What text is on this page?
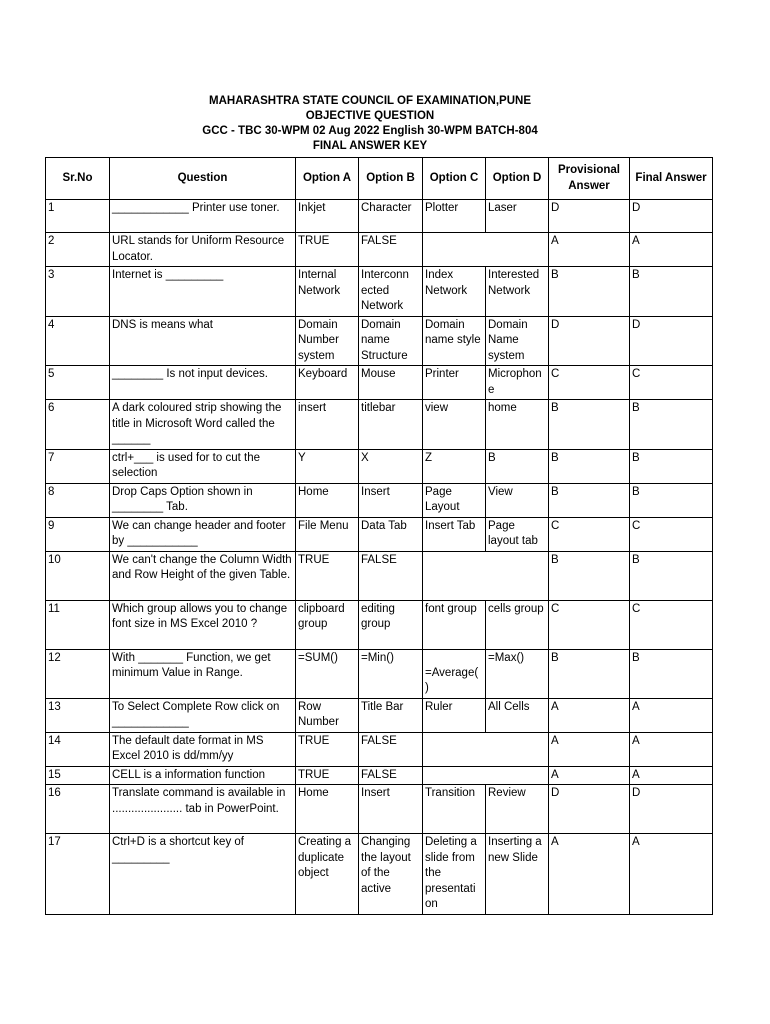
MAHARASHTRA STATE COUNCIL OF EXAMINATION,PUNE
OBJECTIVE QUESTION
GCC - TBC 30-WPM 02 Aug 2022 English 30-WPM BATCH-804
FINAL ANSWER KEY
Sr.No	Question	Option A	Option B	Option C	Option D	Provisional Answer	Final Answer
1	____________ Printer use toner.	Inkjet	Character	Plotter	Laser	D	D
2	URL stands for Uniform Resource Locator.	TRUE	FALSE			A	A
3	Internet is _________	Internal Network	Interconn ected Network	Index Network	Interested Network	B	B
4	DNS is means what	Domain Number system	Domain name Structure	Domain name style	Domain Name system	D	D
5	________ Is not input devices.	Keyboard	Mouse	Printer	Microphon e	C	C
6	A dark coloured strip showing the title in Microsoft Word called the ______	insert	titlebar	view	home	B	B
7	ctrl+___ is used for to cut the selection	Y	X	Z	B	B	B
8	Drop Caps Option shown in ________ Tab.	Home	Insert	Page Layout	View	B	B
9	We can change header and footer by ___________	File Menu	Data Tab	Insert Tab	Page layout tab	C	C
10	We can't change the Column Width and Row Height of the given Table.	TRUE	FALSE			B	B
11	Which group allows you to change font size in MS Excel 2010 ?	clipboard group	editing group	font group	cells group	C	C
12	With _______ Function, we get minimum Value in Range.	=SUM()	=Min()	=Average( )	=Max()	B	B
13	To Select Complete Row click on ____________	Row Number	Title Bar	Ruler	All Cells	A	A
14	The default date format in MS Excel 2010 is dd/mm/yy	TRUE	FALSE			A	A
15	CELL is a information function	TRUE	FALSE			A	A
16	Translate command is available in ...................... tab in PowerPoint.	Home	Insert	Transition	Review	D	D
17	Ctrl+D is a shortcut key of _________	Creating a duplicate object	Changing the layout of the active	Deleting a slide from the presentati on	Inserting a new Slide	A	A
